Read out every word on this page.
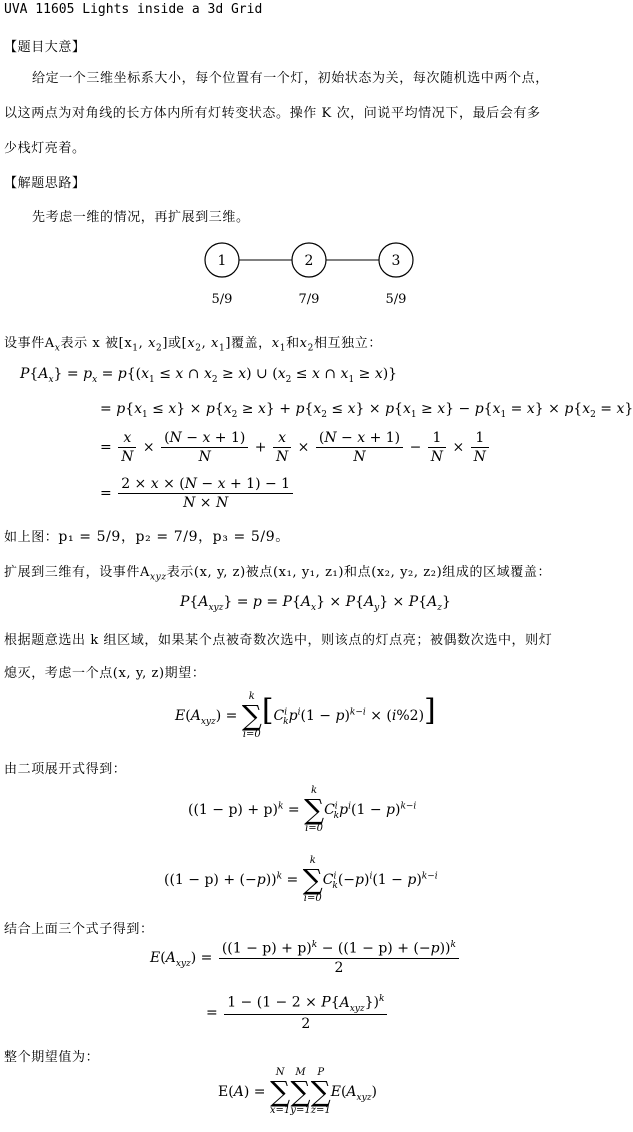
UVA 11605 Lights inside a 3d Grid
【题目大意】
给定一个三维坐标系大小，每个位置有一个灯，初始状态为关，每次随机选中两个点，
以这两点为对角线的长方体内所有灯转变状态。操作 K 次，问说平均情况下，最后会有多
少栈灯亮着。
【解题思路】
先考虑一维的情况，再扩展到三维。
1	2	3
5/9	7/9	5/9
设事件$A_x$表示 x 被[$x_1$, $x_2$]或[$x_2$, $x_1$]覆盖，$x_1$和$x_2$相互独立：
$P\{A_x\} = p_x = p\{(x_1 \le x$ ∩ $x_2 \ge x$) ∪ ($x_2 \le x$ ∩ $x_1 \ge x$)}
= $p\{x_1 \le x\} \times p\{x_2 \ge x\} + p\{x_2 \le x\} \times p\{x_1 \ge x\} - p\{x_1 = x\} \times p\{x_2 = x\}$
= $\frac{x}{N} \times \frac{(N - x + 1)}{N} + \frac{x}{N} \times \frac{(N - x + 1)}{N} - \frac{1}{N} \times \frac{1}{N}$
= $\frac{2 \times x \times (N - x + 1) - 1}{N \times N}$
如上图：p₁ = 5/9，p₂ = 7/9，p₃ = 5/9。
扩展到三维有，设事件$A_{xyz}$表示(x, y, z)被点(x₁, y₁, z₁)和点(x₂, y₂, z₂)组成的区域覆盖：
$P\{A_{xyz}\} = p = P\{A_x\} \times P\{A_y\} \times P\{A_z\}$
根据题意选出 k 组区域，如果某个点被奇数次选中，则该点的灯点亮；被偶数次选中，则灯
熄灭，考虑一个点(x, y, z)期望：
$E(A_{xyz})$ =
k
∑
i=0
$[C^i_kp^i(1 - p)^{k-i} \times (i\%2)]$
由二项展开式得到：
$((1 - p) + p)^k$ =
k
∑
i=0
$C^i_kp^i(1 - p)^{k-i}$
$((1 - p) + (-p))^k$ =
k
∑
i=0
$C^i_k(-p)^i(1 - p)^{k-i}$
结合上面三个式子得到：
$E(A_{xyz}) = \frac{((1 - p) + p)^k - ((1 - p) + (-p))^k}{2}$
= $\frac{1 - (1 - 2 \times P\{A_{xyz}\})^k}{2}$
整个期望值为：
E(A) =
N
∑
x=1
M
∑
y=1
P
∑
z=1
$E(A_{xyz})$
